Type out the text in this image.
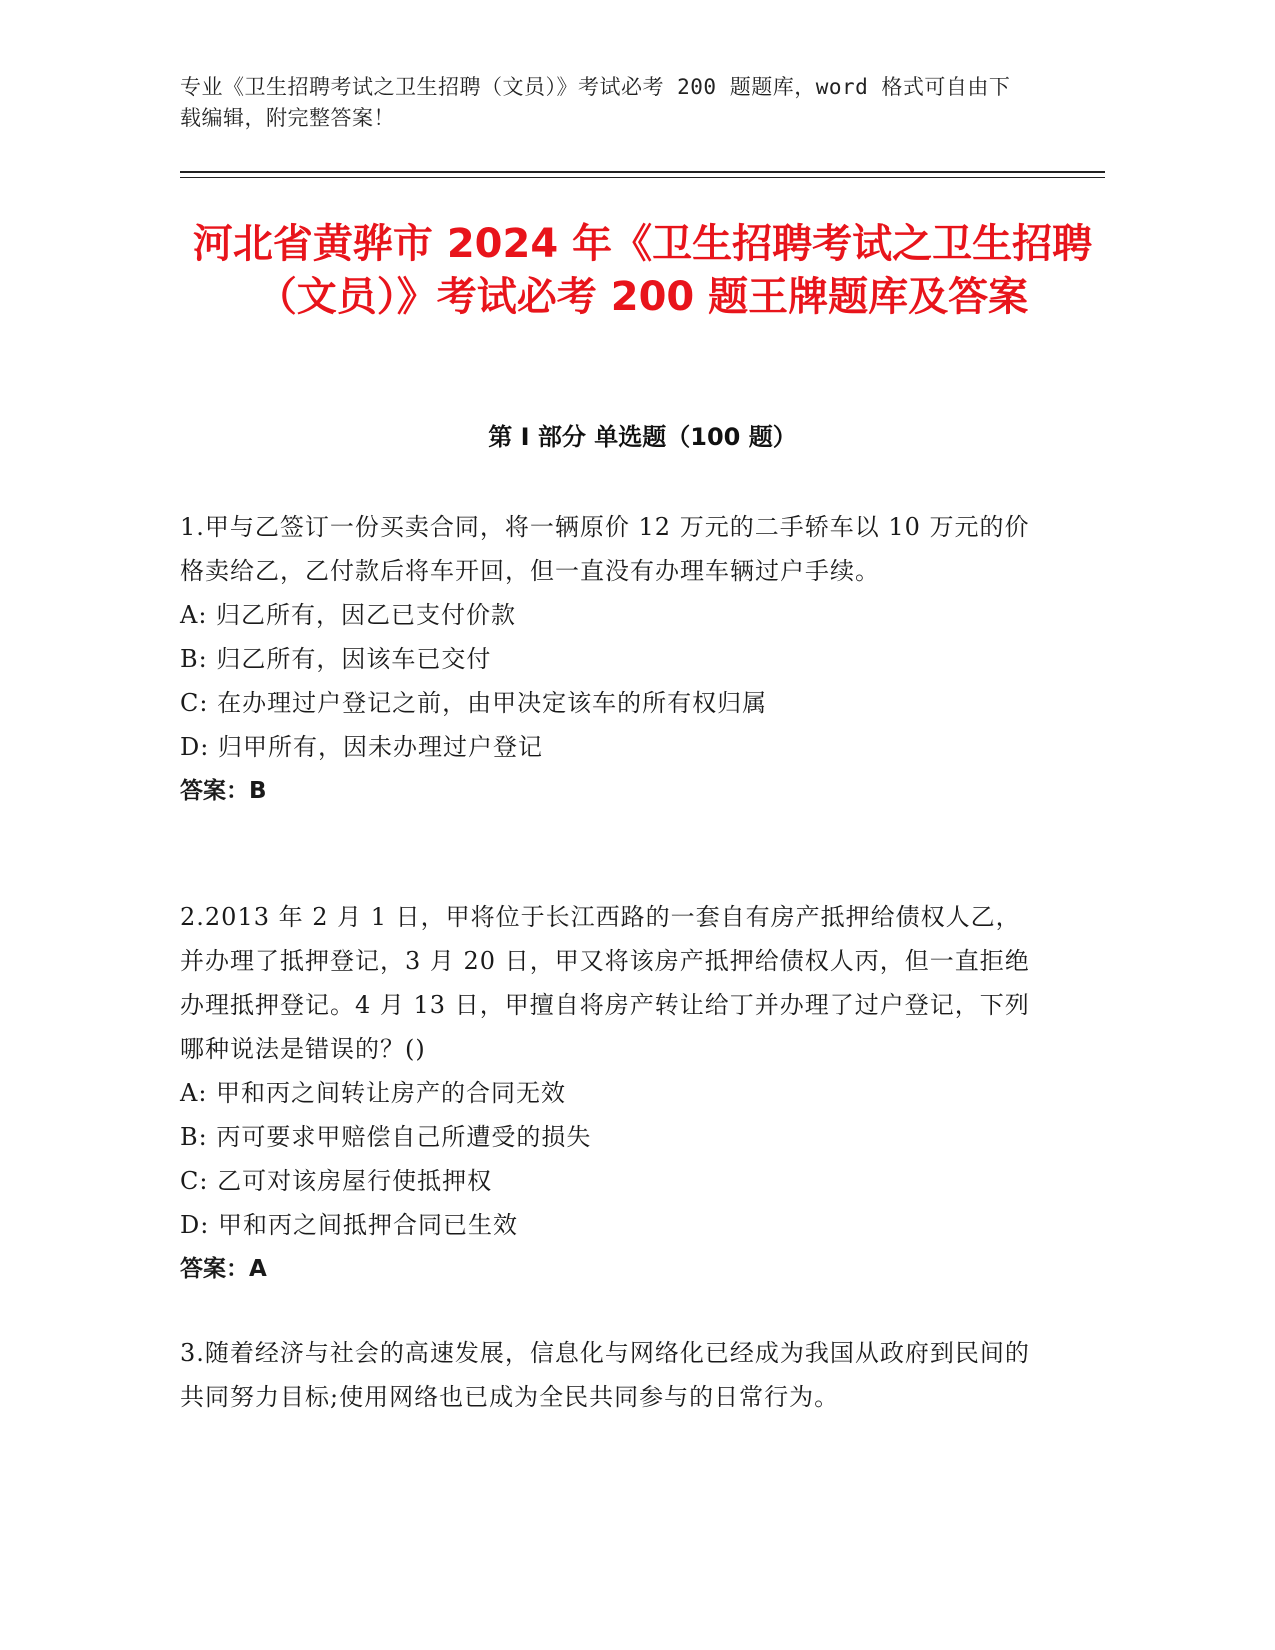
专业《卫生招聘考试之卫生招聘（文员）》考试必考 200 题题库，word 格式可自由下载编辑，附完整答案！
河北省黄骅市 2024 年《卫生招聘考试之卫生招聘（文员）》考试必考 200 题王牌题库及答案
第 I 部分 单选题（100 题）
1.甲与乙签订一份买卖合同，将一辆原价 12 万元的二手轿车以 10 万元的价格卖给乙，乙付款后将车开回，但一直没有办理车辆过户手续。
A: 归乙所有，因乙已支付价款
B: 归乙所有，因该车已交付
C: 在办理过户登记之前，由甲决定该车的所有权归属
D: 归甲所有，因未办理过户登记
答案：B
2.2013 年 2 月 1 日，甲将位于长江西路的一套自有房产抵押给债权人乙，并办理了抵押登记，3 月 20 日，甲又将该房产抵押给债权人丙，但一直拒绝办理抵押登记。4 月 13 日，甲擅自将房产转让给丁并办理了过户登记，下列哪种说法是错误的？()
A: 甲和丙之间转让房产的合同无效
B: 丙可要求甲赔偿自己所遭受的损失
C: 乙可对该房屋行使抵押权
D: 甲和丙之间抵押合同已生效
答案：A
3.随着经济与社会的高速发展，信息化与网络化已经成为我国从政府到民间的共同努力目标;使用网络也已成为全民共同参与的日常行为。
